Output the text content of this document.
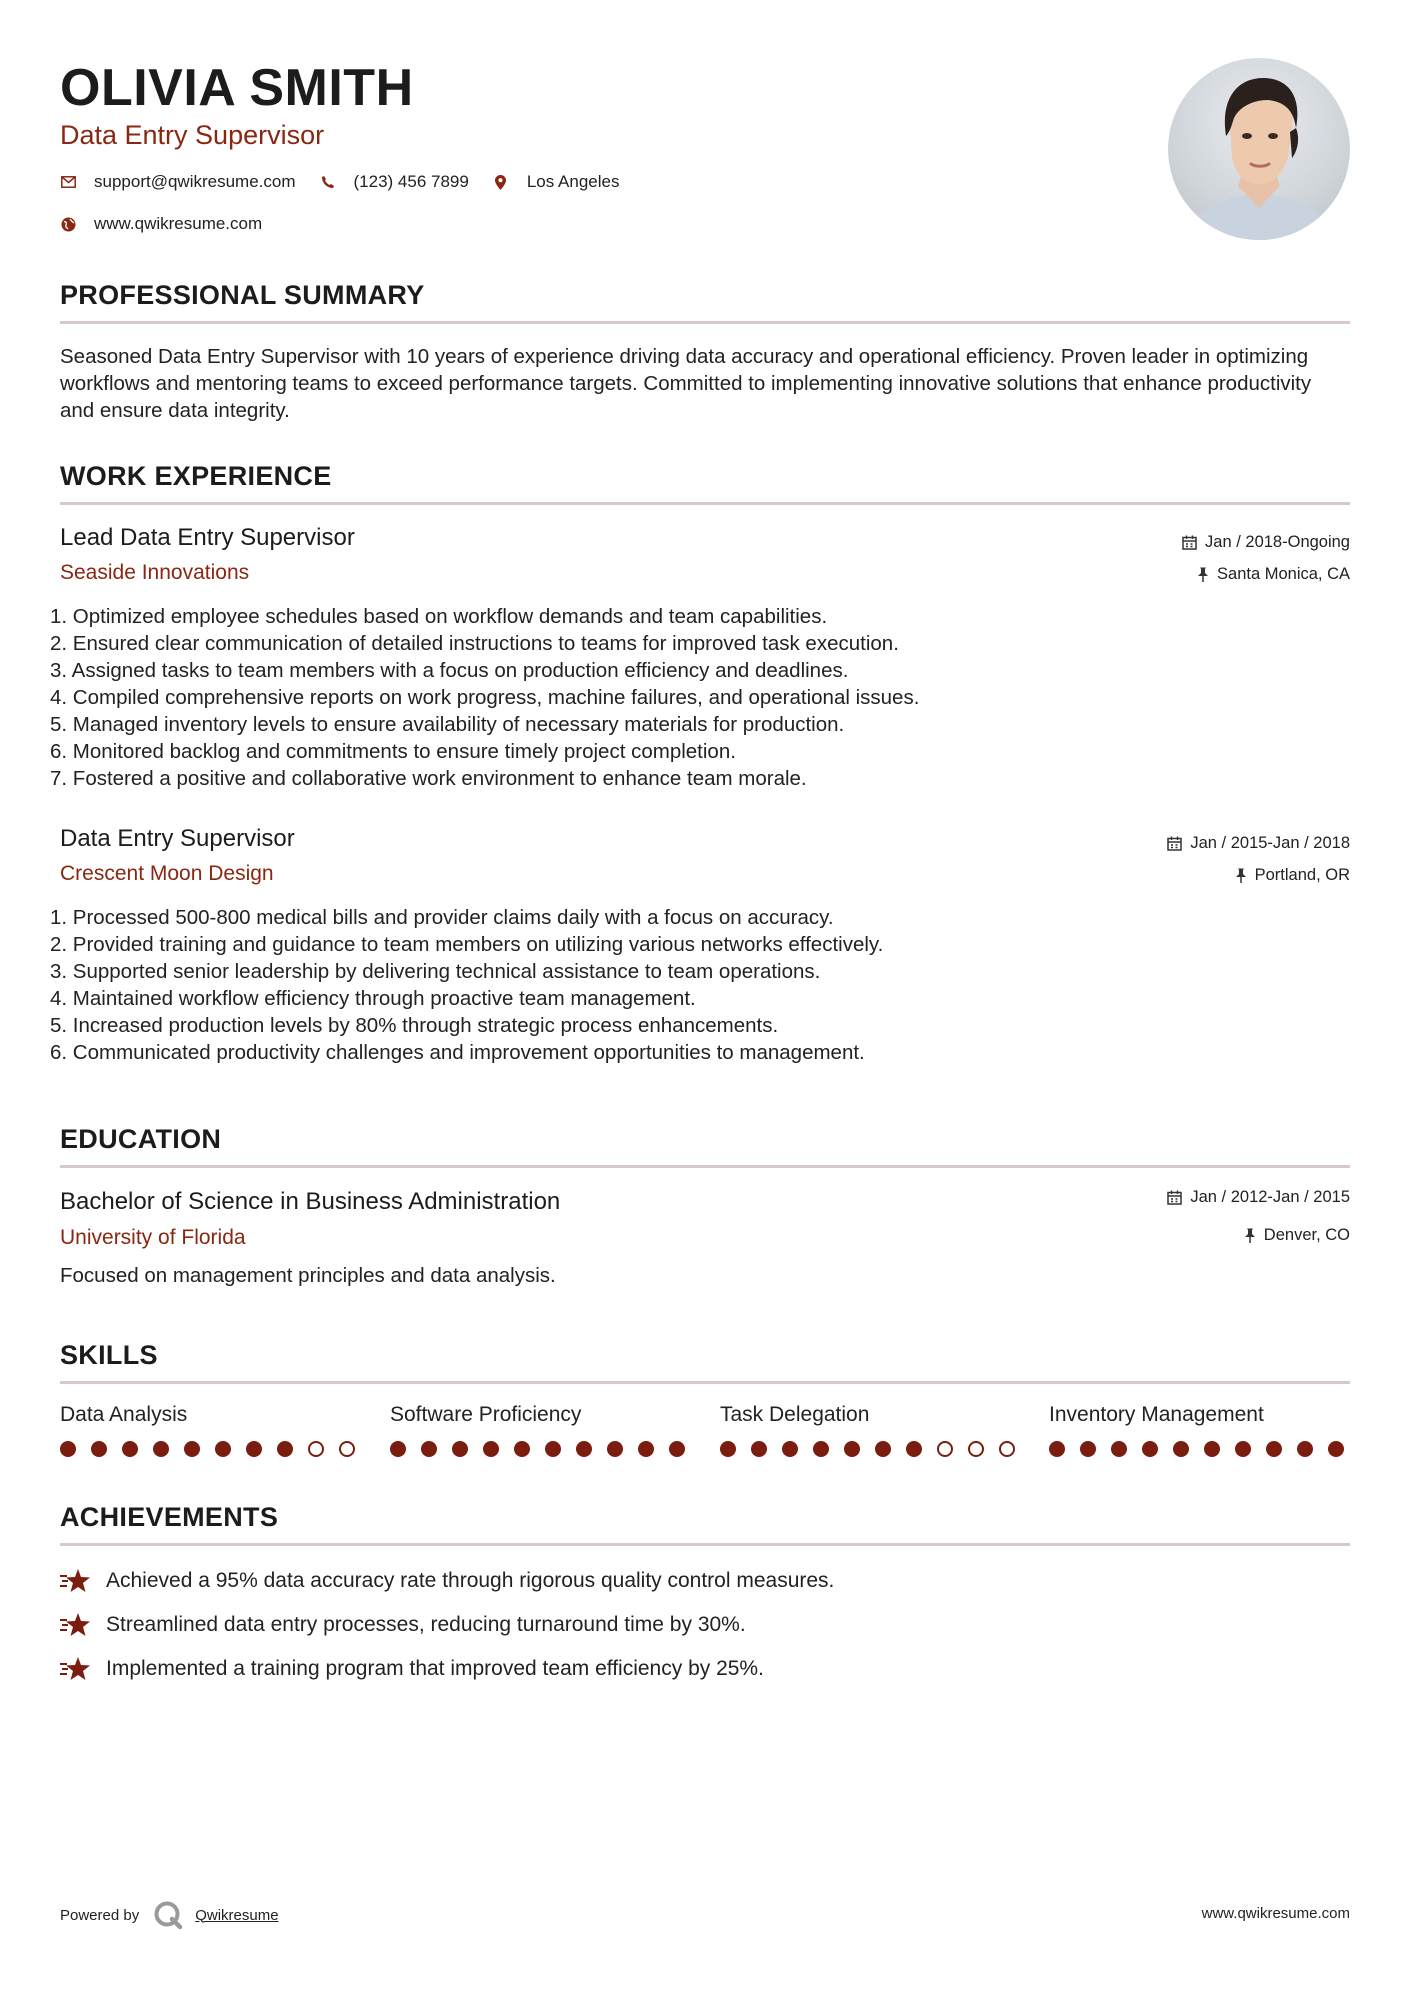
OLIVIA SMITH
Data Entry Supervisor
support@qwikresume.com	(123) 456 7899	Los Angeles
www.qwikresume.com
PROFESSIONAL SUMMARY
Seasoned Data Entry Supervisor with 10 years of experience driving data accuracy and operational efficiency. Proven leader in optimizing workflows and mentoring teams to exceed performance targets. Committed to implementing innovative solutions that enhance productivity and ensure data integrity.
WORK EXPERIENCE
Lead Data Entry Supervisor
Seaside Innovations
Jan / 2018-Ongoing
Santa Monica, CA
1. Optimized employee schedules based on workflow demands and team capabilities.
2. Ensured clear communication of detailed instructions to teams for improved task execution.
3. Assigned tasks to team members with a focus on production efficiency and deadlines.
4. Compiled comprehensive reports on work progress, machine failures, and operational issues.
5. Managed inventory levels to ensure availability of necessary materials for production.
6. Monitored backlog and commitments to ensure timely project completion.
7. Fostered a positive and collaborative work environment to enhance team morale.
Data Entry Supervisor
Crescent Moon Design
Jan / 2015-Jan / 2018
Portland, OR
1. Processed 500-800 medical bills and provider claims daily with a focus on accuracy.
2. Provided training and guidance to team members on utilizing various networks effectively.
3. Supported senior leadership by delivering technical assistance to team operations.
4. Maintained workflow efficiency through proactive team management.
5. Increased production levels by 80% through strategic process enhancements.
6. Communicated productivity challenges and improvement opportunities to management.
EDUCATION
Bachelor of Science in Business Administration
University of Florida
Focused on management principles and data analysis.
Jan / 2012-Jan / 2015
Denver, CO
SKILLS
Data Analysis	Software Proficiency	Task Delegation	Inventory Management
ACHIEVEMENTS
Achieved a 95% data accuracy rate through rigorous quality control measures.
Streamlined data entry processes, reducing turnaround time by 30%.
Implemented a training program that improved team efficiency by 25%.
Powered by	Qwikresume	www.qwikresume.com
